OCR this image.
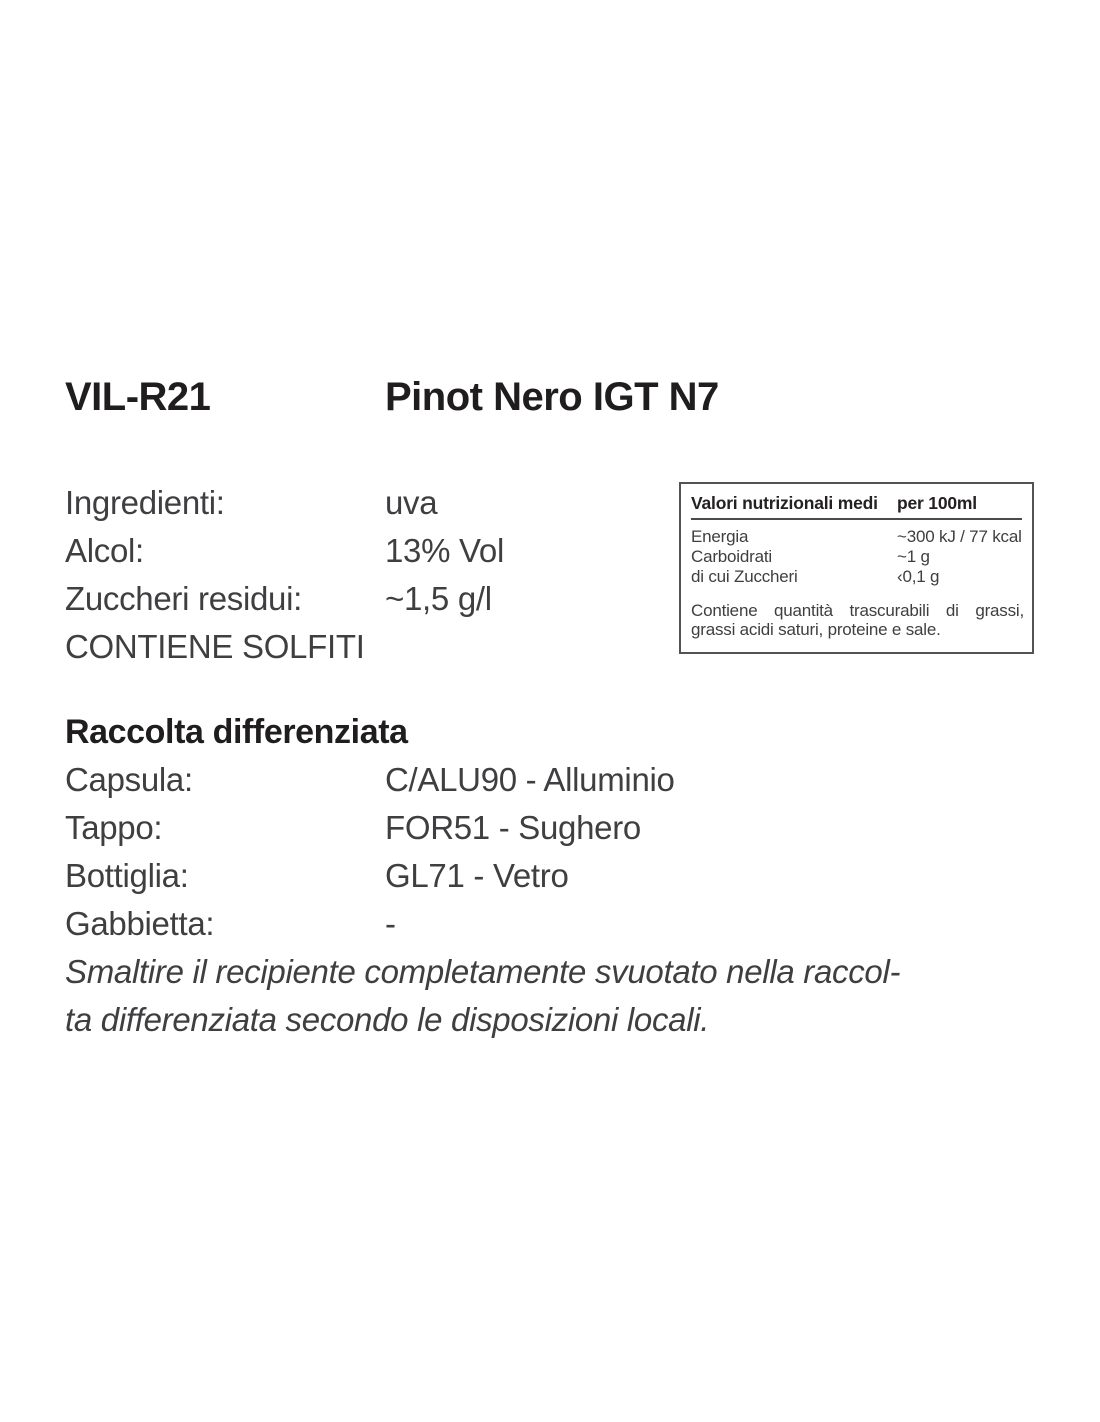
VIL-R21	Pinot Nero IGT N7
Ingredienti:	uva
Alcol:	13% Vol
Zuccheri residui:	~1,5 g/l
CONTIENE SOLFITI
Valori nutrizionali medi	per 100ml
Energia	~300 kJ / 77 kcal
Carboidrati	~1 g
di cui Zuccheri	‹0,1 g
Contiene quantità trascurabili di grassi, grassi acidi saturi, proteine e sale.
Raccolta differenziata
Capsula:	C/ALU90 - Alluminio
Tappo:	FOR51 - Sughero
Bottiglia:	GL71 - Vetro
Gabbietta:	-
Smaltire il recipiente completamente svuotato nella raccol-
ta differenziata secondo le disposizioni locali.
